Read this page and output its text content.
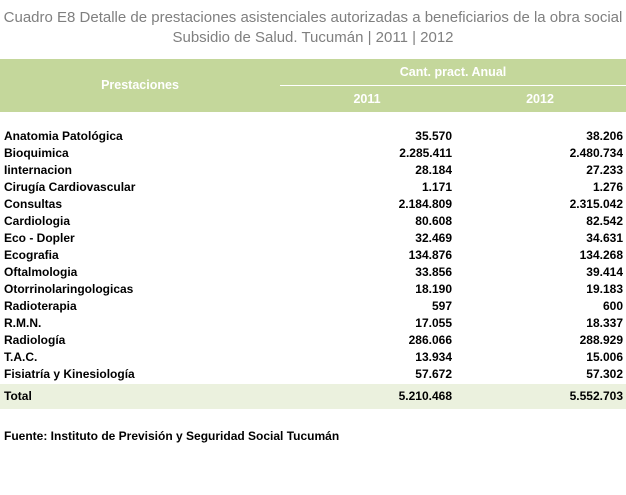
Cuadro E8 Detalle de prestaciones asistenciales autorizadas a beneficiarios de la obra social
Subsidio de Salud. Tucumán | 2011 | 2012
Prestaciones
Cant. pract. Anual
2011	2012
Anatomia Patológica	35.570	38.206
Bioquimica	2.285.411	2.480.734
Iinternacion	28.184	27.233
Cirugía Cardiovascular	1.171	1.276
Consultas	2.184.809	2.315.042
Cardiologia	80.608	82.542
Eco - Dopler	32.469	34.631
Ecografia	134.876	134.268
Oftalmologia	33.856	39.414
Otorrinolaringologicas	18.190	19.183
Radioterapia	597	600
R.M.N.	17.055	18.337
Radiología	286.066	288.929
T.A.C.	13.934	15.006
Fisiatría y Kinesiología	57.672	57.302
Total	5.210.468	5.552.703
Fuente: Instituto de Previsión y Seguridad Social Tucumán
